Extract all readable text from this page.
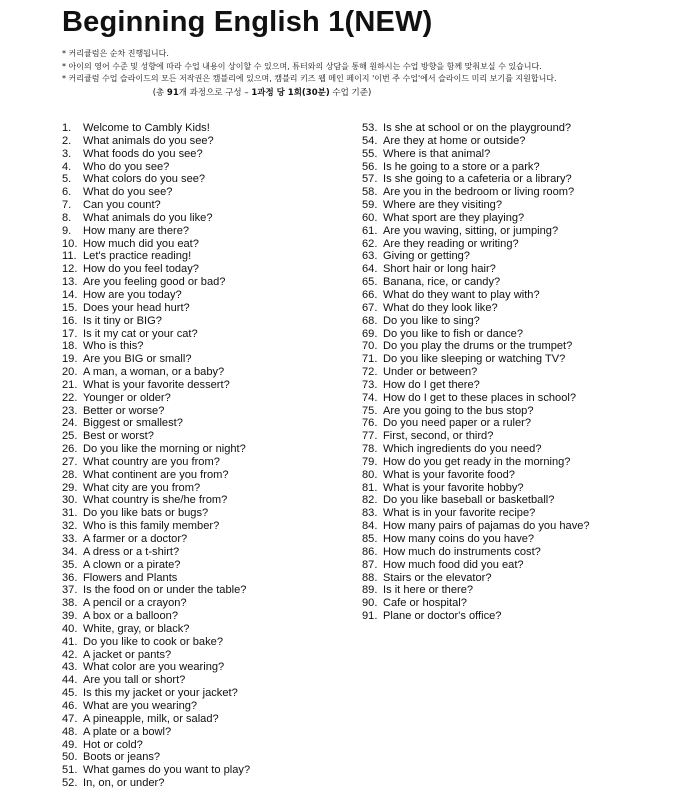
Beginning English 1(NEW)
* 커리큘럼은 순차 진행됩니다.
* 아이의 영어 수준 및 성향에 따라 수업 내용이 상이할 수 있으며, 튜터와의 상담을 통해 원하시는 수업 방향을 함께 맞춰보실 수 있습니다.
* 커리큘럼 수업 슬라이드의 모든 저작권은 캠블리에 있으며, 캠블리 키즈 웹 메인 페이지 '이번 주 수업'에서 슬라이드 미리 보기를 지원합니다.
(총 91개 과정으로 구성 – 1과정 당 1회(30분) 수업 기준)
1. Welcome to Cambly Kids!
2. What animals do you see?
3. What foods do you see?
4. Who do you see?
5. What colors do you see?
6. What do you see?
7. Can you count?
8. What animals do you like?
9. How many are there?
10. How much did you eat?
11. Let's practice reading!
12. How do you feel today?
13. Are you feeling good or bad?
14. How are you today?
15. Does your head hurt?
16. Is it tiny or BIG?
17. Is it my cat or your cat?
18. Who is this?
19. Are you BIG or small?
20. A man, a woman, or a baby?
21. What is your favorite dessert?
22. Younger or older?
23. Better or worse?
24. Biggest or smallest?
25. Best or worst?
26. Do you like the morning or night?
27. What country are you from?
28. What continent are you from?
29. What city are you from?
30. What country is she/he from?
31. Do you like bats or bugs?
32. Who is this family member?
33. A farmer or a doctor?
34. A dress or a t-shirt?
35. A clown or a pirate?
36. Flowers and Plants
37. Is the food on or under the table?
38. A pencil or a crayon?
39. A box or a balloon?
40. White, gray, or black?
41. Do you like to cook or bake?
42. A jacket or pants?
43. What color are you wearing?
44. Are you tall or short?
45. Is this my jacket or your jacket?
46. What are you wearing?
47. A pineapple, milk, or salad?
48. A plate or a bowl?
49. Hot or cold?
50. Boots or jeans?
51. What games do you want to play?
52. In, on, or under?
53. Is she at school or on the playground?
54. Are they at home or outside?
55. Where is that animal?
56. Is he going to a store or a park?
57. Is she going to a cafeteria or a library?
58. Are you in the bedroom or living room?
59. Where are they visiting?
60. What sport are they playing?
61. Are you waving, sitting, or jumping?
62. Are they reading or writing?
63. Giving or getting?
64. Short hair or long hair?
65. Banana, rice, or candy?
66. What do they want to play with?
67. What do they look like?
68. Do you like to sing?
69. Do you like to fish or dance?
70. Do you play the drums or the trumpet?
71. Do you like sleeping or watching TV?
72. Under or between?
73. How do I get there?
74. How do I get to these places in school?
75. Are you going to the bus stop?
76. Do you need paper or a ruler?
77. First, second, or third?
78. Which ingredients do you need?
79. How do you get ready in the morning?
80. What is your favorite food?
81. What is your favorite hobby?
82. Do you like baseball or basketball?
83. What is in your favorite recipe?
84. How many pairs of pajamas do you have?
85. How many coins do you have?
86. How much do instruments cost?
87. How much food did you eat?
88. Stairs or the elevator?
89. Is it here or there?
90. Cafe or hospital?
91. Plane or doctor's office?
